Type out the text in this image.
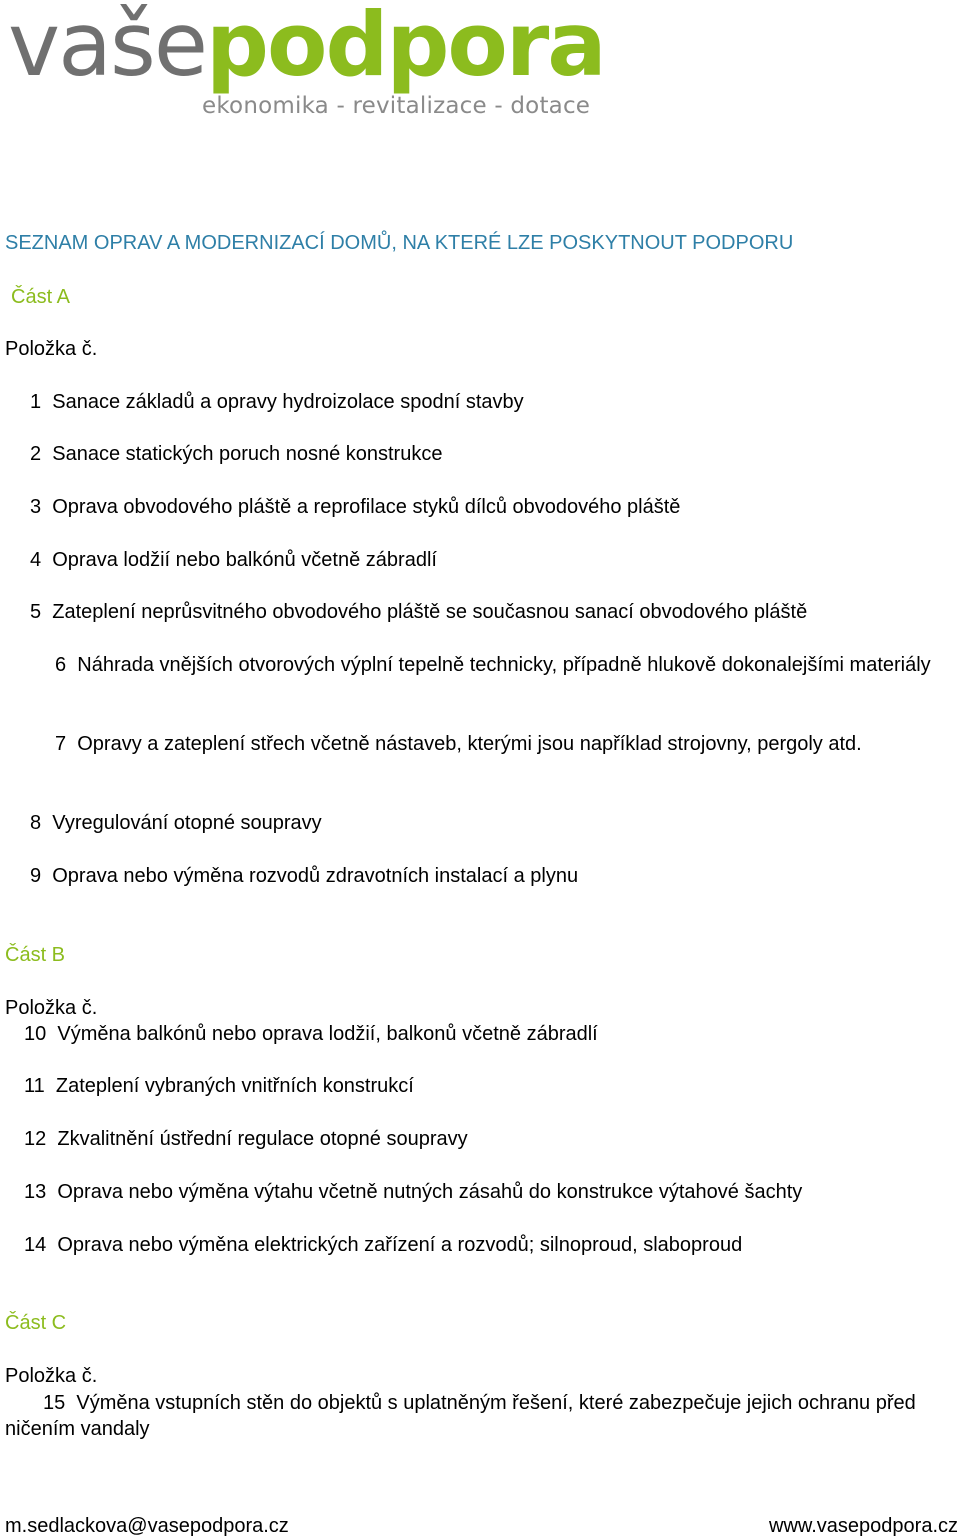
vašepodpora
ekonomika - revitalizace - dotace
SEZNAM OPRAV A MODERNIZACÍ DOMŮ, NA KTERÉ LZE POSKYTNOUT PODPORU
Část A
Položka č.
1 Sanace základů a opravy hydroizolace spodní stavby
2 Sanace statických poruch nosné konstrukce
3 Oprava obvodového pláště a reprofilace styků dílců obvodového pláště
4 Oprava lodžií nebo balkónů včetně zábradlí
5 Zateplení neprůsvitného obvodového pláště se současnou sanací obvodového pláště
6 Náhrada vnějších otvorových výplní tepelně technicky, případně hlukově dokonalejšími materiály
7 Opravy a zateplení střech včetně nástaveb, kterými jsou například strojovny, pergoly atd.
8 Vyregulování otopné soupravy
9 Oprava nebo výměna rozvodů zdravotních instalací a plynu
Část B
Položka č.
10 Výměna balkónů nebo oprava lodžií, balkonů včetně zábradlí
11 Zateplení vybraných vnitřních konstrukcí
12 Zkvalitnění ústřední regulace otopné soupravy
13 Oprava nebo výměna výtahu včetně nutných zásahů do konstrukce výtahové šachty
14 Oprava nebo výměna elektrických zařízení a rozvodů; silnoproud, slaboproud
Část C
Položka č.
15 Výměna vstupních stěn do objektů s uplatněným řešení, které zabezpečuje jejich ochranu před ničením vandaly
m.sedlackova@vasepodpora.cz	www.vasepodpora.cz
